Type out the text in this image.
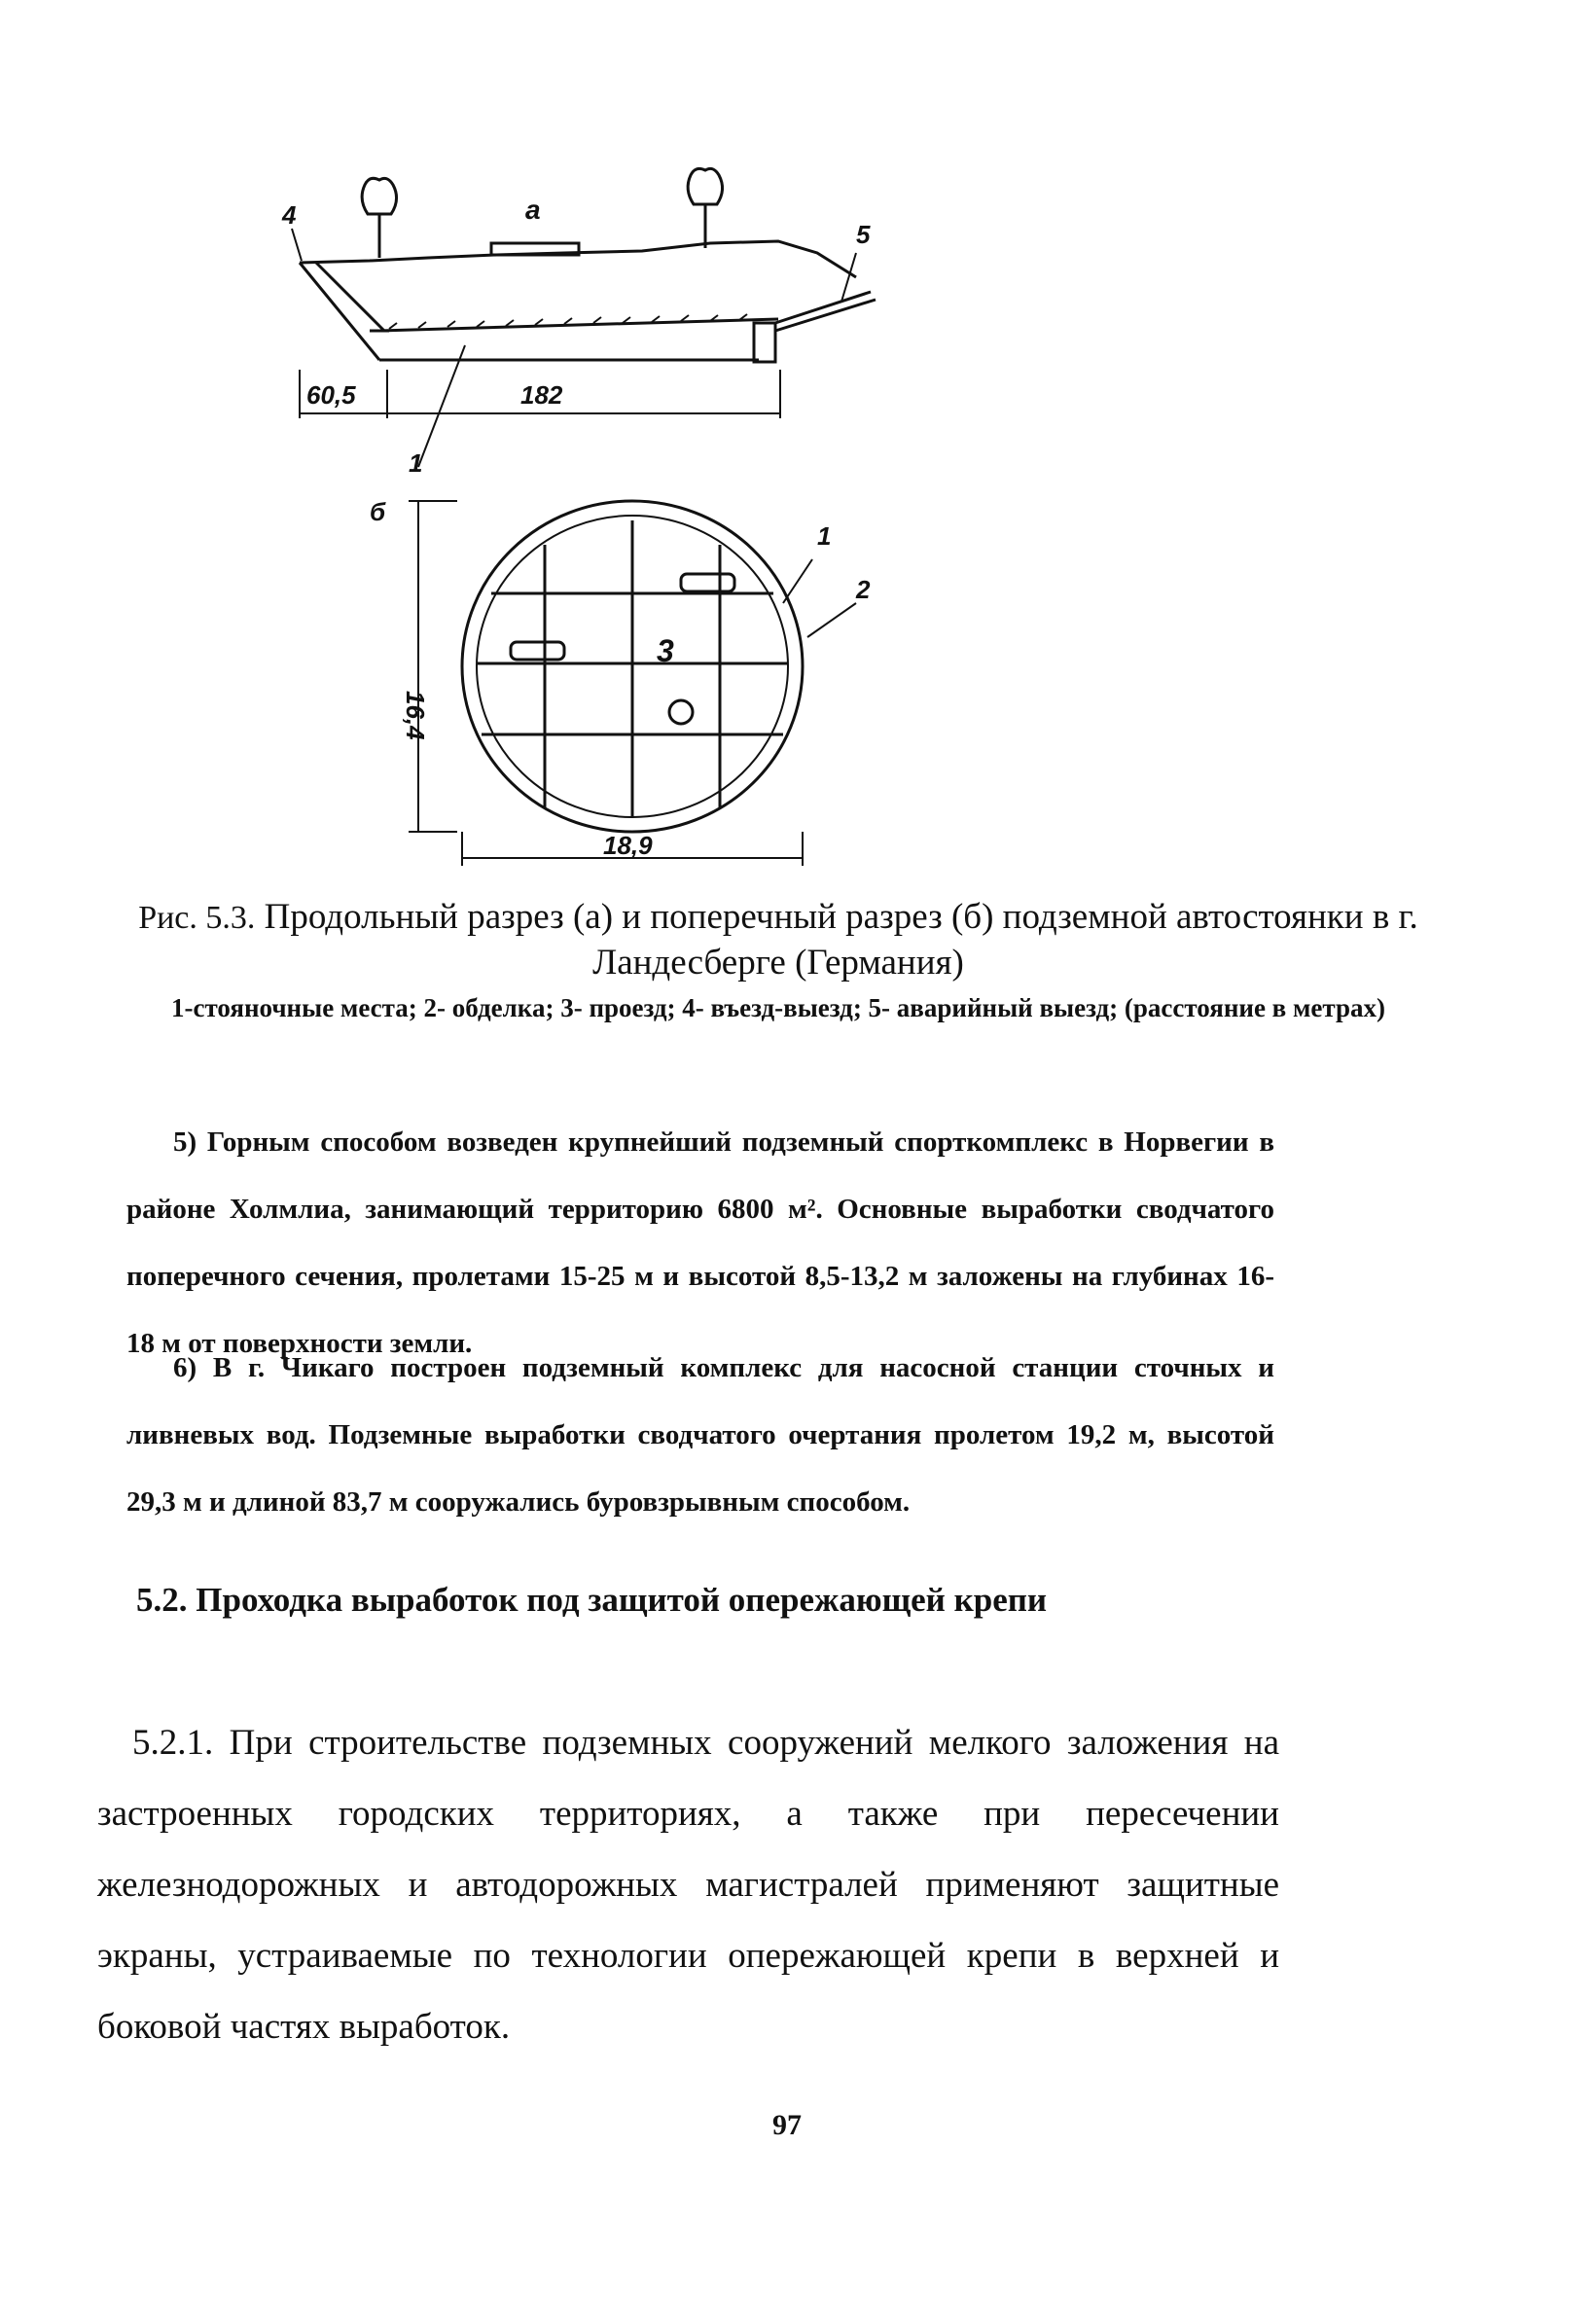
а
4
5
1
60,5	182
б
1
2
3
18,9
16,4
Рис. 5.3. Продольный разрез (а) и поперечный разрез (б) подземной автостоянки в г. Ландесберге (Германия)
1-стояночные места; 2- обделка; 3- проезд; 4- въезд-выезд; 5- аварийный выезд; (расстояние в метрах)

5) Горным способом возведен крупнейший подземный спорткомплекс в Норвегии в районе Холмлиа, занимающий территорию 6800 м². Основные выработки сводчатого поперечного сечения, пролетами 15-25 м и высотой 8,5-13,2 м заложены на глубинах 16-18 м от поверхности земли.

6) В г. Чикаго построен подземный комплекс для насосной станции сточных и ливневых вод. Подземные выработки сводчатого очертания пролетом 19,2 м, высотой 29,3 м и длиной 83,7 м сооружались буровзрывным способом.

5.2. Проходка выработок под защитой опережающей крепи

5.2.1. При строительстве подземных сооружений мелкого заложения на застроенных городских территориях, а также при пересечении железнодорожных и автодорожных магистралей применяют защитные экраны, устраиваемые по технологии опережающей крепи в верхней и боковой частях выработок.

97
